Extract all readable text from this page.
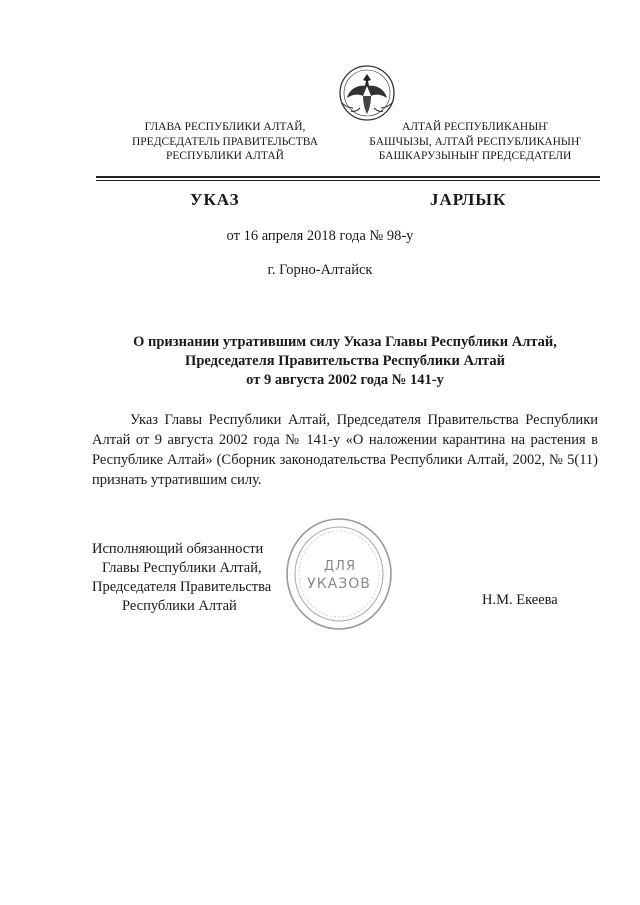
ГЛАВА РЕСПУБЛИКИ АЛТАЙ,
ПРЕДСЕДАТЕЛЬ ПРАВИТЕЛЬСТВА
РЕСПУБЛИКИ АЛТАЙ
АЛТАЙ РЕСПУБЛИКАНЫҤ
БАШЧЫЗЫ, АЛТАЙ РЕСПУБЛИКАНЫҤ
БАШКАРУЗЫНЫҤ ПРЕДСЕДАТЕЛИ
УКАЗ	ЈАРЛЫК
от 16 апреля 2018 года № 98-у
г. Горно-Алтайск
О признании утратившим силу Указа Главы Республики Алтай,
Председателя Правительства Республики Алтай
от 9 августа 2002 года № 141-у
Указ Главы Республики Алтай, Председателя Правительства Республики Алтай от 9 августа 2002 года № 141-у «О наложении карантина на растения в Республике Алтай» (Сборник законодательства Республики Алтай, 2002, № 5(11) признать утратившим силу.
Исполняющий обязанности
Главы Республики Алтай,
Председателя Правительства
Республики Алтай
ДЛЯ
УКАЗОВ
Н.М. Екеева
